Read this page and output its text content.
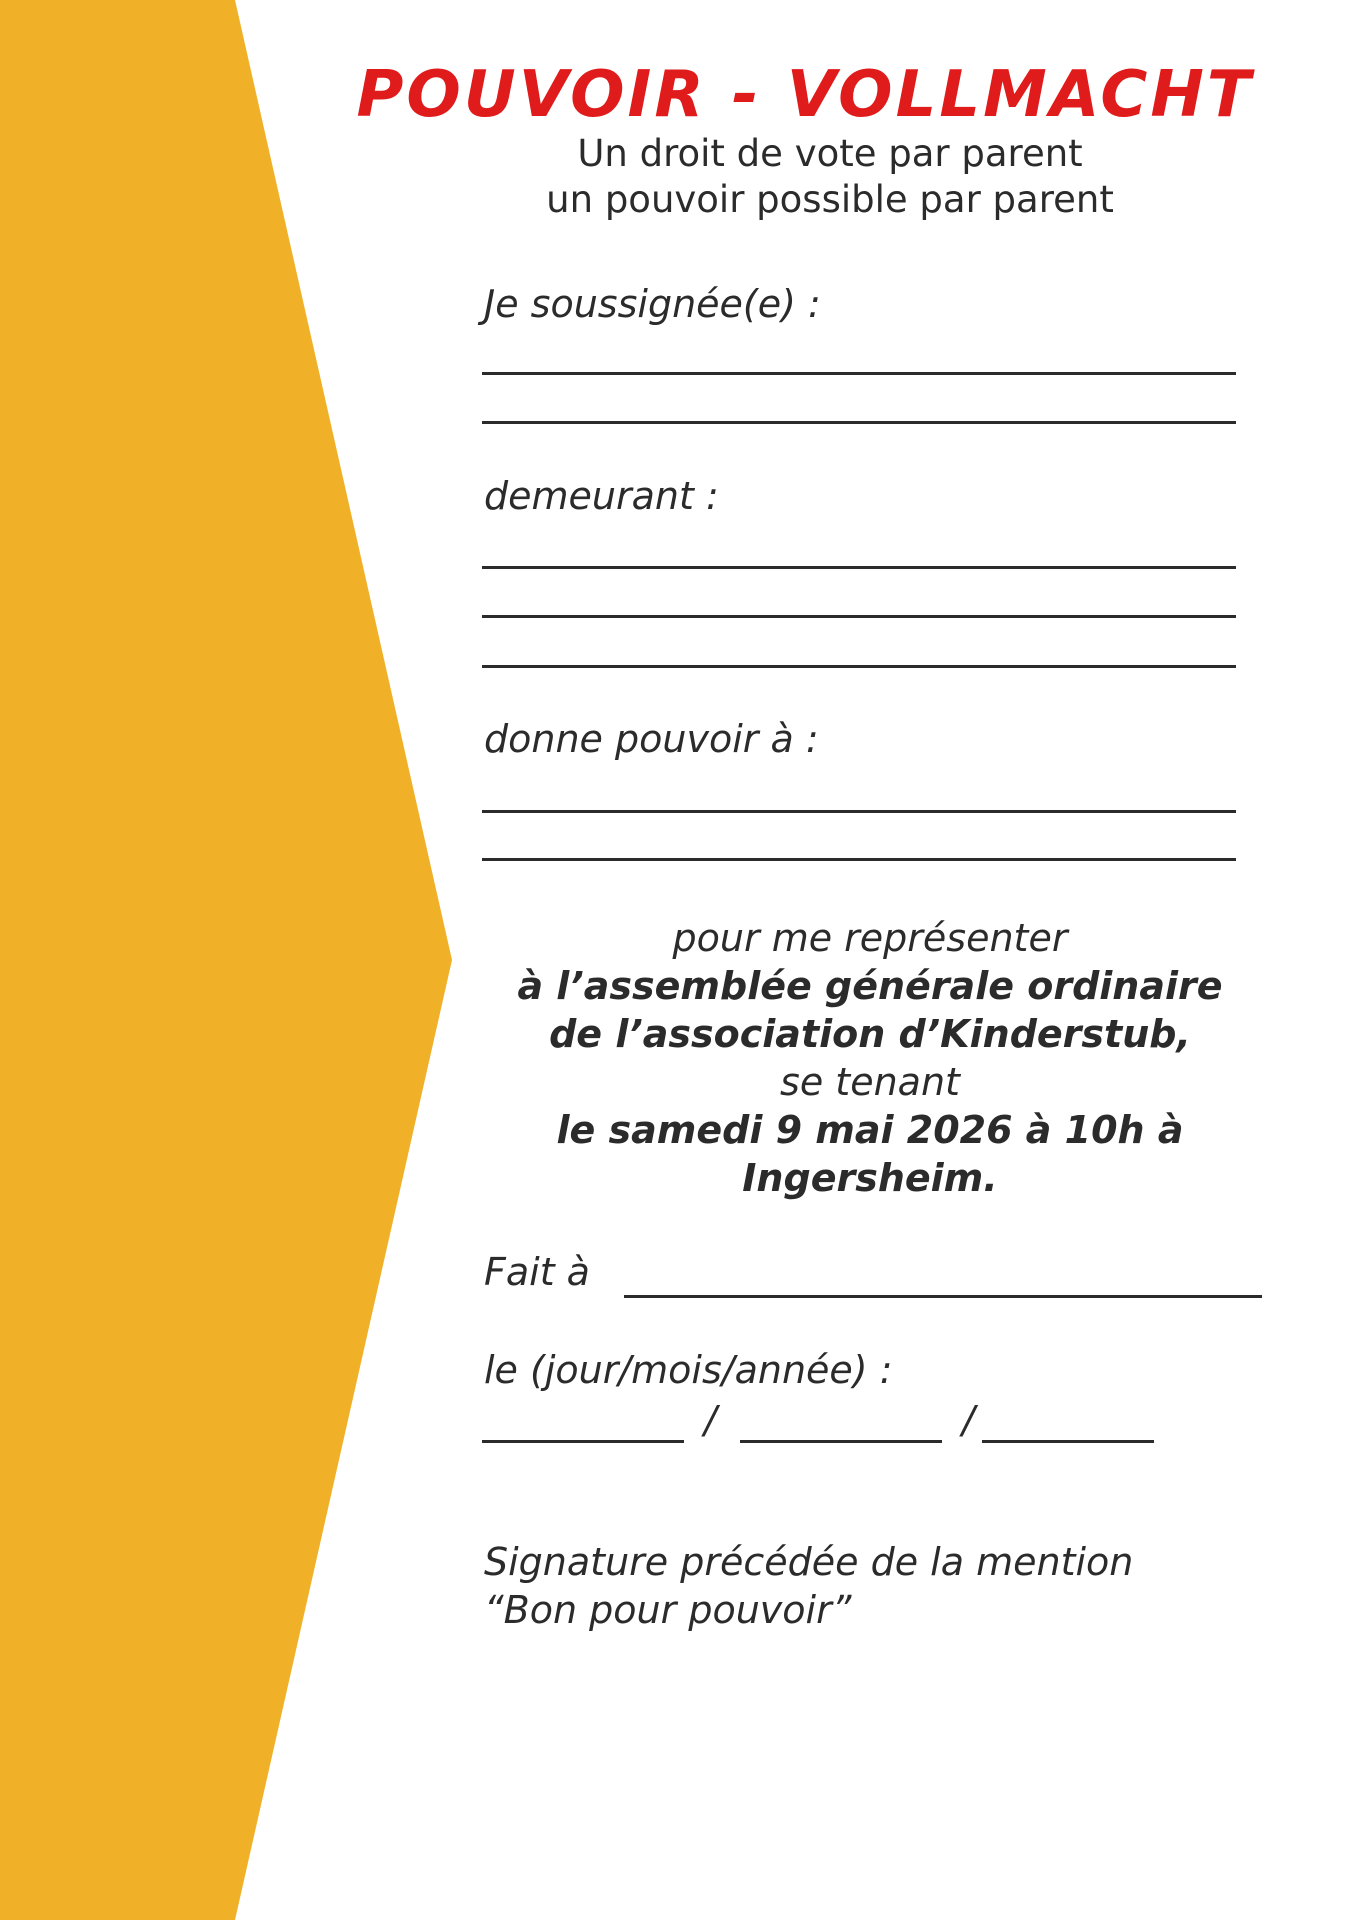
POUVOIR - VOLLMACHT
Un droit de vote par parent
un pouvoir possible par parent
Je soussignée(e) :
demeurant :
donne pouvoir à :
pour me représenter
à l’assemblée générale ordinaire
de l’association d’Kinderstub,
se tenant
le samedi 9 mai 2026 à 10h à
Ingersheim.
Fait à
le (jour/mois/année) :
/	/
Signature précédée de la mention
“Bon pour pouvoir”
